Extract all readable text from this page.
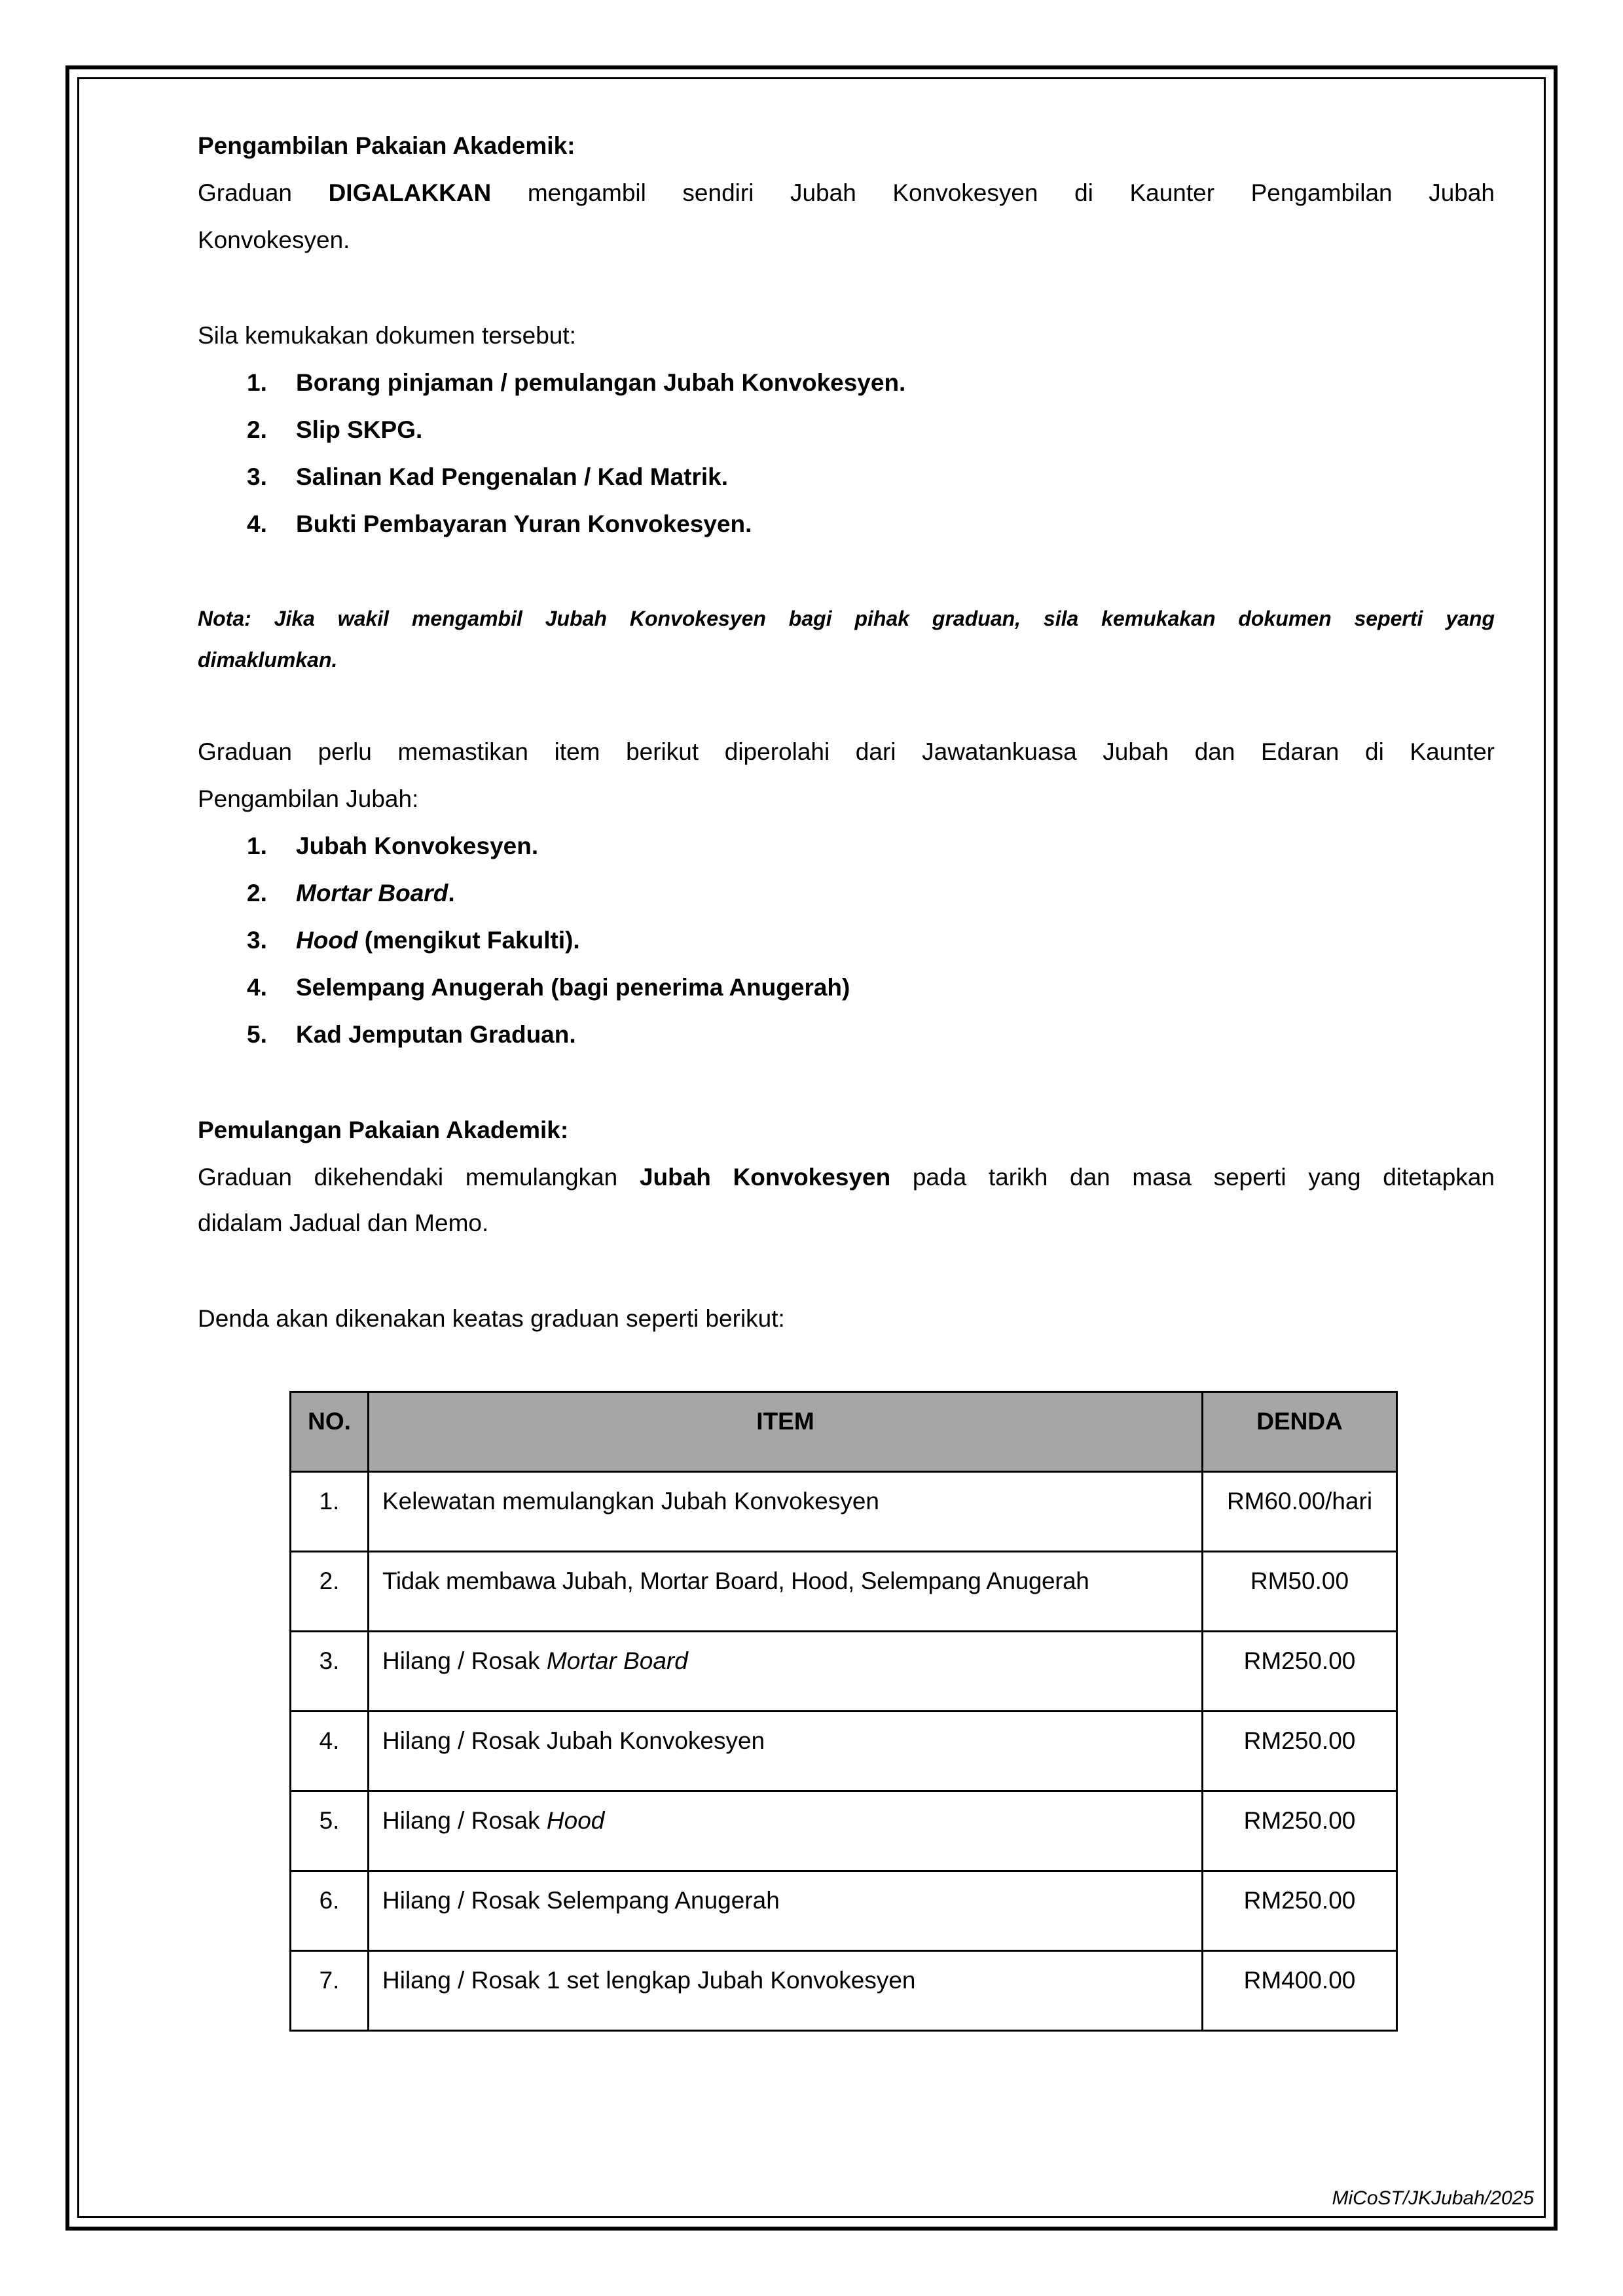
Pengambilan Pakaian Akademik:
Graduan DIGALAKKAN mengambil sendiri Jubah Konvokesyen di Kaunter Pengambilan Jubah
Konvokesyen.
Sila kemukakan dokumen tersebut:
1. Borang pinjaman / pemulangan Jubah Konvokesyen.
2. Slip SKPG.
3. Salinan Kad Pengenalan / Kad Matrik.
4. Bukti Pembayaran Yuran Konvokesyen.
Nota: Jika wakil mengambil Jubah Konvokesyen bagi pihak graduan, sila kemukakan dokumen seperti yang
dimaklumkan.
Graduan perlu memastikan item berikut diperolahi dari Jawatankuasa Jubah dan Edaran di Kaunter
Pengambilan Jubah:
1. Jubah Konvokesyen.
2. Mortar Board.
3. Hood (mengikut Fakulti).
4. Selempang Anugerah (bagi penerima Anugerah)
5. Kad Jemputan Graduan.
Pemulangan Pakaian Akademik:
Graduan dikehendaki memulangkan Jubah Konvokesyen pada tarikh dan masa seperti yang ditetapkan
didalam Jadual dan Memo.
Denda akan dikenakan keatas graduan seperti berikut:
NO.	ITEM	DENDA
1.	Kelewatan memulangkan Jubah Konvokesyen	RM60.00/hari
2.	Tidak membawa Jubah, Mortar Board, Hood, Selempang Anugerah	RM50.00
3.	Hilang / Rosak Mortar Board	RM250.00
4.	Hilang / Rosak Jubah Konvokesyen	RM250.00
5.	Hilang / Rosak Hood	RM250.00
6.	Hilang / Rosak Selempang Anugerah	RM250.00
7.	Hilang / Rosak 1 set lengkap Jubah Konvokesyen	RM400.00
MiCoST/JKJubah/2025
